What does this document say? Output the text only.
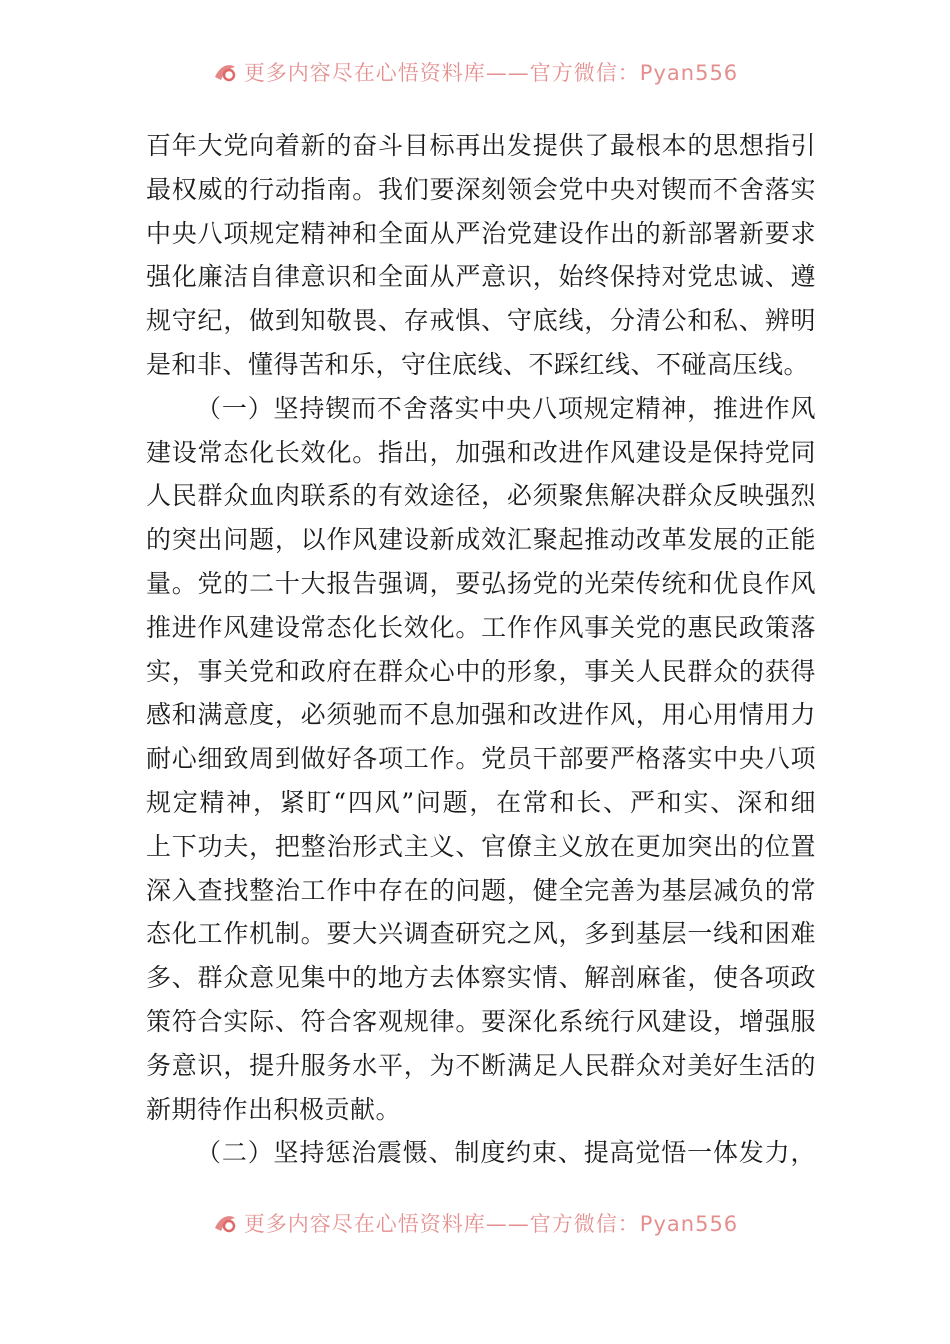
更多内容尽在心悟资料库——官方微信：Pyan556
百年大党向着新的奋斗目标再出发提供了最根本的思想指引
最权威的行动指南。我们要深刻领会党中央对锲而不舍落实
中央八项规定精神和全面从严治党建设作出的新部署新要求
强化廉洁自律意识和全面从严意识，始终保持对党忠诚、遵
规守纪，做到知敬畏、存戒惧、守底线，分清公和私、辨明
是和非、懂得苦和乐，守住底线、不踩红线、不碰高压线。
（一）坚持锲而不舍落实中央八项规定精神，推进作风
建设常态化长效化。指出，加强和改进作风建设是保持党同
人民群众血肉联系的有效途径，必须聚焦解决群众反映强烈
的突出问题，以作风建设新成效汇聚起推动改革发展的正能
量。党的二十大报告强调，要弘扬党的光荣传统和优良作风
推进作风建设常态化长效化。工作作风事关党的惠民政策落
实，事关党和政府在群众心中的形象，事关人民群众的获得
感和满意度，必须驰而不息加强和改进作风，用心用情用力
耐心细致周到做好各项工作。党员干部要严格落实中央八项
规定精神，紧盯“四风”问题，在常和长、严和实、深和细
上下功夫，把整治形式主义、官僚主义放在更加突出的位置
深入查找整治工作中存在的问题，健全完善为基层减负的常
态化工作机制。要大兴调查研究之风，多到基层一线和困难
多、群众意见集中的地方去体察实情、解剖麻雀，使各项政
策符合实际、符合客观规律。要深化系统行风建设，增强服
务意识，提升服务水平，为不断满足人民群众对美好生活的
新期待作出积极贡献。
（二）坚持惩治震慑、制度约束、提高觉悟一体发力，
更多内容尽在心悟资料库——官方微信：Pyan556
